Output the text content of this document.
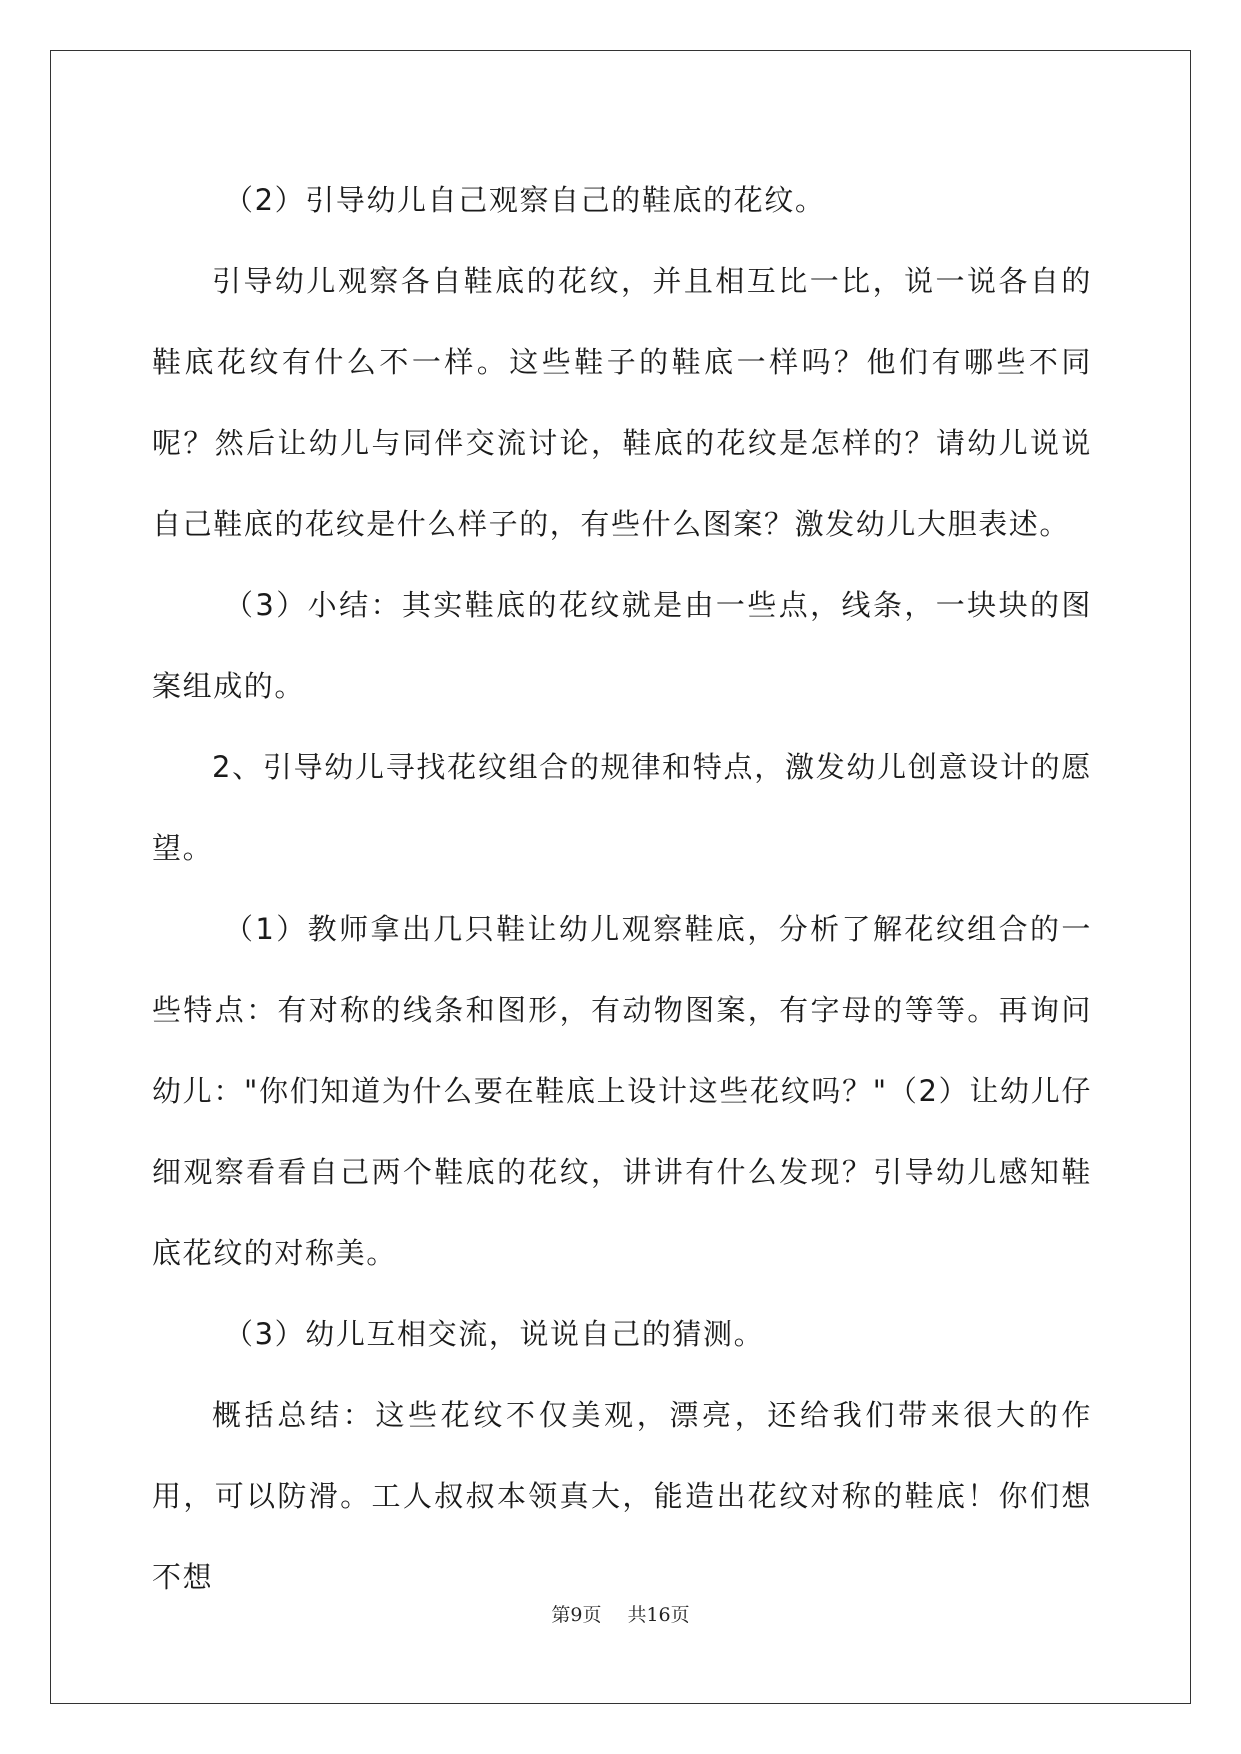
（2）引导幼儿自己观察自己的鞋底的花纹。

引导幼儿观察各自鞋底的花纹，并且相互比一比，说一说各自的鞋底花纹有什么不一样。这些鞋子的鞋底一样吗？他们有哪些不同呢？然后让幼儿与同伴交流讨论，鞋底的花纹是怎样的？请幼儿说说自己鞋底的花纹是什么样子的，有些什么图案？激发幼儿大胆表述。

（3）小结：其实鞋底的花纹就是由一些点，线条，一块块的图案组成的。

2、引导幼儿寻找花纹组合的规律和特点，激发幼儿创意设计的愿望。

（1）教师拿出几只鞋让幼儿观察鞋底，分析了解花纹组合的一些特点：有对称的线条和图形，有动物图案，有字母的等等。再询问幼儿："你们知道为什么要在鞋底上设计这些花纹吗？"（2）让幼儿仔细观察看看自己两个鞋底的花纹，讲讲有什么发现？引导幼儿感知鞋底花纹的对称美。

（3）幼儿互相交流，说说自己的猜测。

概括总结：这些花纹不仅美观，漂亮，还给我们带来很大的作用，可以防滑。工人叔叔本领真大，能造出花纹对称的鞋底！你们想不想

第9页 共16页
